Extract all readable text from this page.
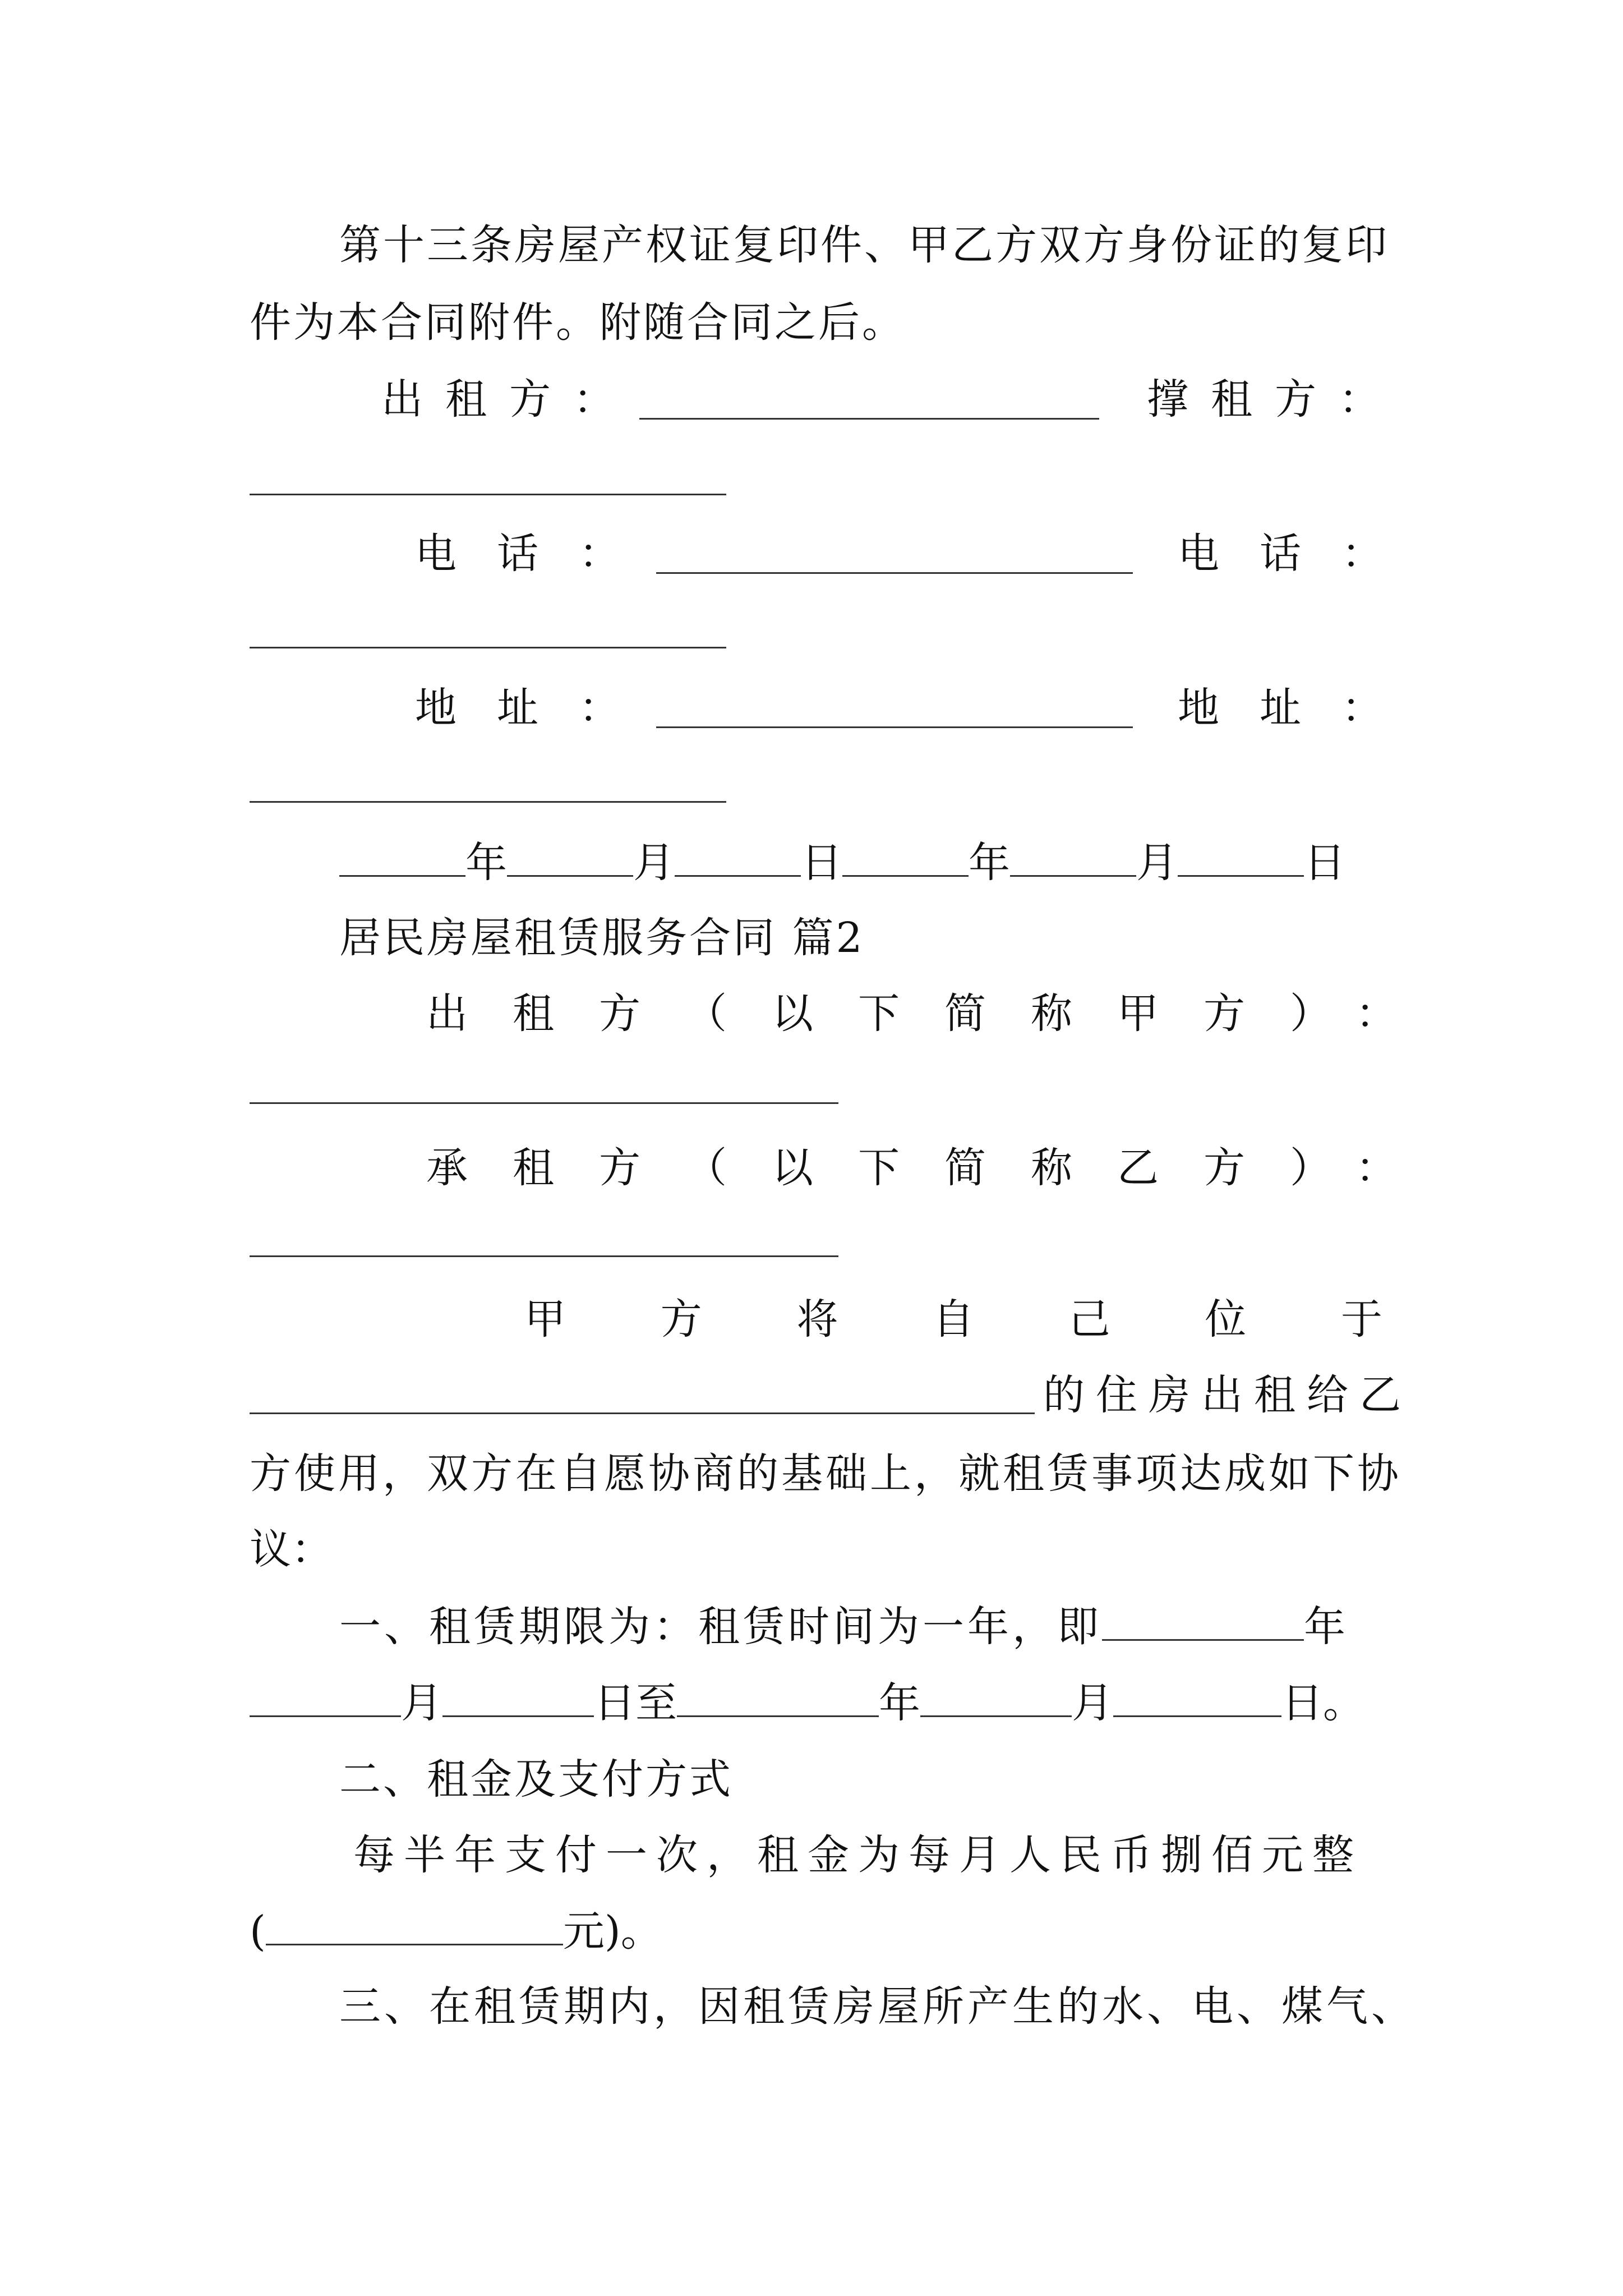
第十三条房屋产权证复印件、甲乙方双方身份证的复印
件为本合同附件。附随合同之后。
出租方：	撑租方：
电话：	电话：
地址：	地址：
年	月	日	年	月	日
居民房屋租赁服务合同 篇2
出租方（以下简称甲方）：
承租方（以下简称乙方）：
甲 方 将 自 己 位 于
的住房出租给乙
方使用，双方在自愿协商的基础上，就租赁事项达成如下协
议：
一、租赁期限为：租赁时间为一年，即	年
月	日至	年	月	日。
二、租金及支付方式
每半年支付一次，租金为每月人民币捌佰元整
(	元)。
三、在租赁期内，因租赁房屋所产生的水、电、煤气、
